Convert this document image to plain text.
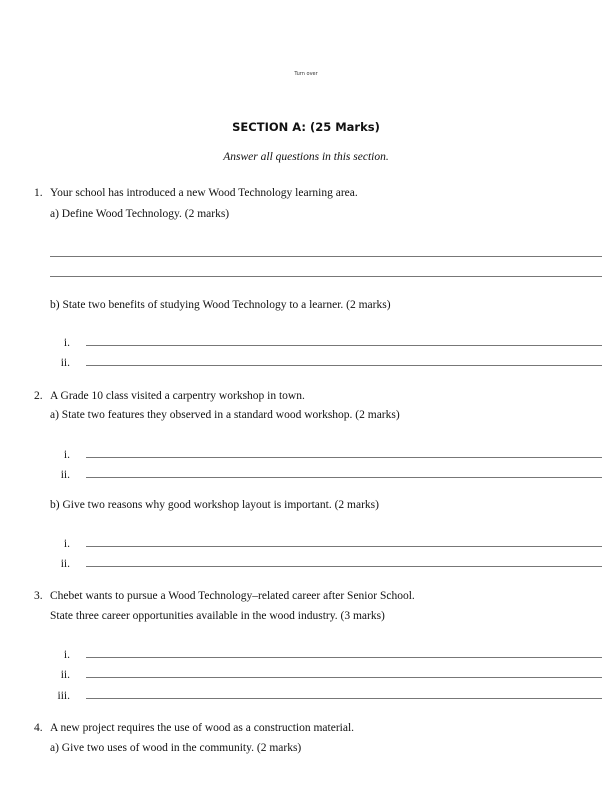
Turn over
SECTION A: (25 Marks)
Answer all questions in this section.
1. Your school has introduced a new Wood Technology learning area.
a) Define Wood Technology. (2 marks)
b) State two benefits of studying Wood Technology to a learner. (2 marks)
i.
ii.
2. A Grade 10 class visited a carpentry workshop in town.
a) State two features they observed in a standard wood workshop. (2 marks)
i.
ii.
b) Give two reasons why good workshop layout is important. (2 marks)
i.
ii.
3. Chebet wants to pursue a Wood Technology–related career after Senior School.
State three career opportunities available in the wood industry. (3 marks)
i.
ii.
iii.
4. A new project requires the use of wood as a construction material.
a) Give two uses of wood in the community. (2 marks)
